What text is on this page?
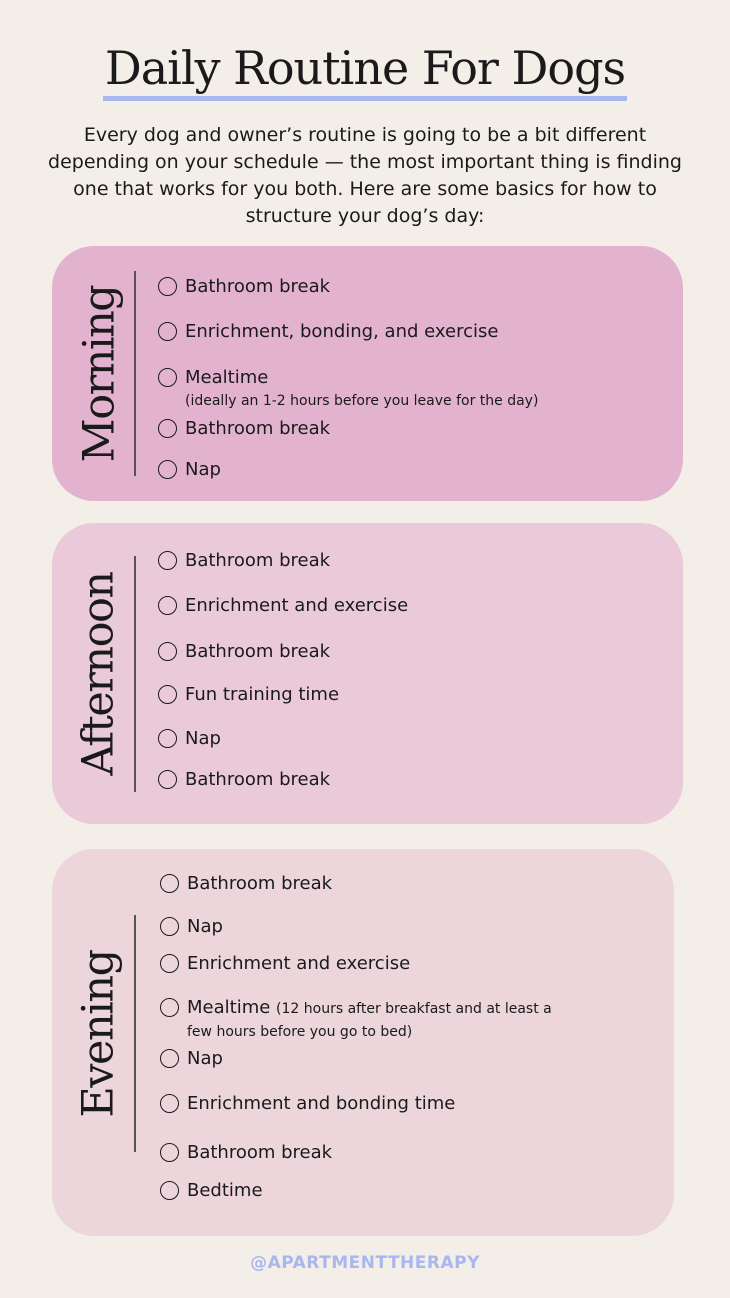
Daily Routine For Dogs

Every dog and owner’s routine is going to be a bit different depending on your schedule — the most important thing is finding one that works for you both. Here are some basics for how to structure your dog’s day:

Morning	Bathroom break
Enrichment, bonding, and exercise
Mealtime
(ideally an 1-2 hours before you leave for the day)
Bathroom break
Nap
Afternoon
Bathroom break
Enrichment and exercise
Bathroom break
Fun training time
Nap
Bathroom break
Evening
Bathroom break
Nap
Enrichment and exercise
Mealtime (12 hours after breakfast and at least a
few hours before you go to bed)
Nap
Enrichment and bonding time
Bathroom break
Bedtime
@APARTMENTTHERAPY
